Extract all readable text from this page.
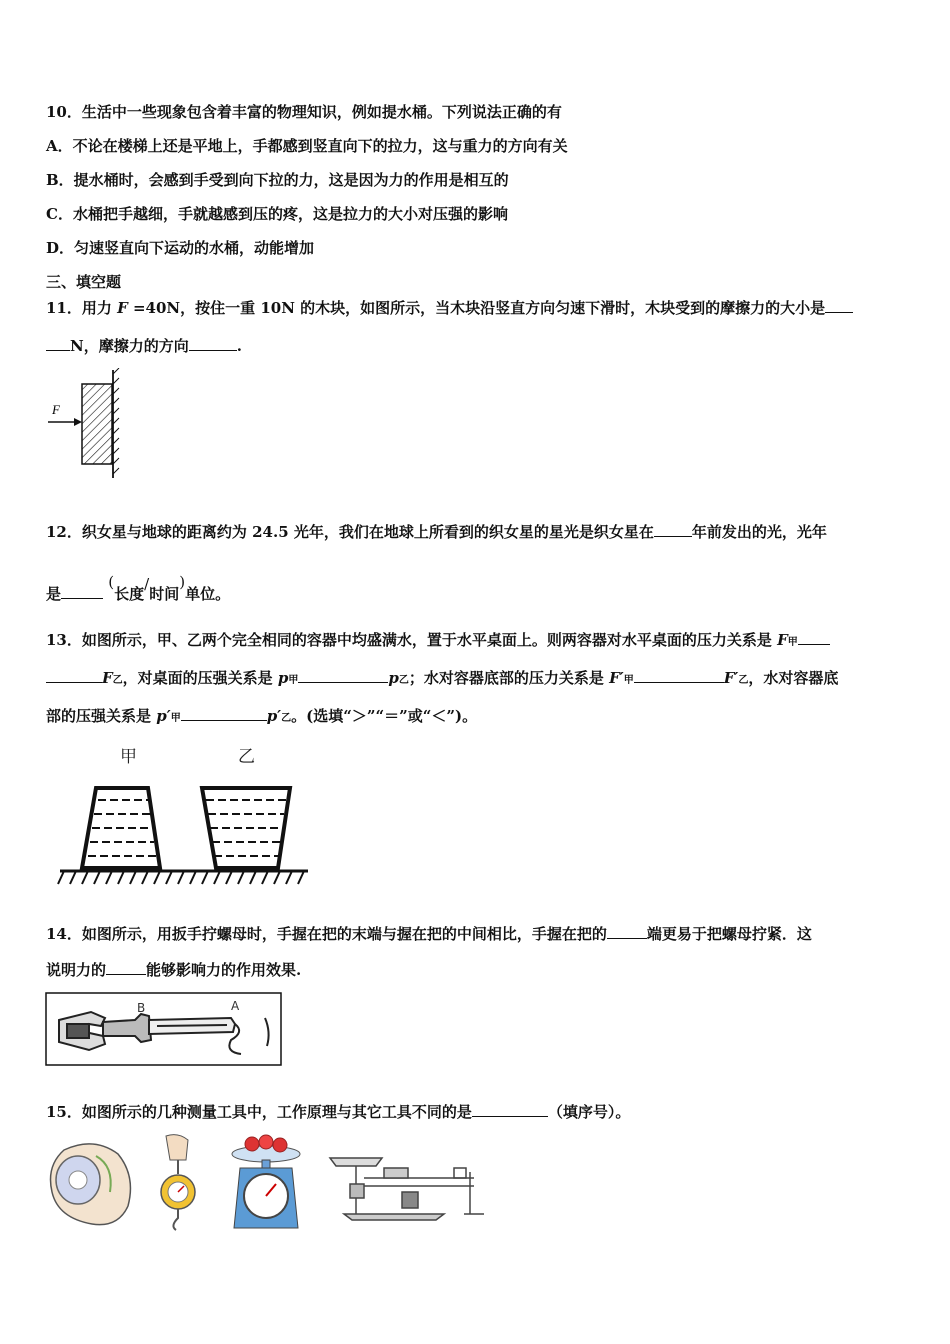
10．生活中一些现象包含着丰富的物理知识，例如提水桶。下列说法正确的有
A．不论在楼梯上还是平地上，手都感到竖直向下的拉力，这与重力的方向有关
B．提水桶时，会感到手受到向下拉的力，这是因为力的作用是相互的
C．水桶把手越细，手就越感到压的疼，这是拉力的大小对压强的影响
D．匀速竖直向下运动的水桶，动能增加
三、填空题
11．用力 F =40N，按住一重 10N 的木块，如图所示，当木块沿竖直方向匀速下滑时，木块受到的摩擦力的大小是
N，摩擦力的方向	.
F
12．织女星与地球的距离约为 24.5 光年，我们在地球上所看到的织女星的星光是织女星在	年前发出的光，光年
是 (长度/时间)单位。
13．如图所示，甲、乙两个完全相同的容器中均盛满水，置于水平桌面上。则两容器对水平桌面的压力关系是 F甲
F乙，对桌面的压强关系是 p甲	p乙；水对容器底部的压力关系是 F′甲	F′乙，水对容器底
部的压强关系是 p′甲	p′乙。(选填“＞”“＝”或“＜”)。
甲	乙
14．如图所示，用扳手拧螺母时，手握在把的末端与握在把的中间相比，手握在把的	端更易于把螺母拧紧．这
说明力的	能够影响力的作用效果.
B	A
15．如图所示的几种测量工具中，工作原理与其它工具不同的是	（填序号）。
